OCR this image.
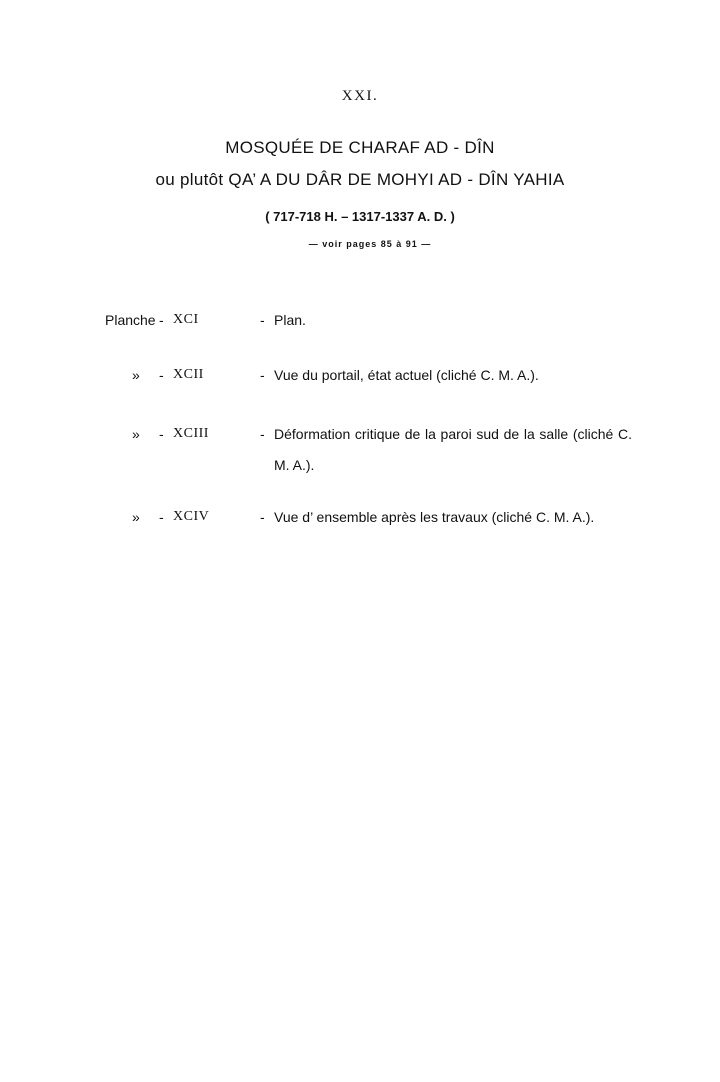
XXI.
MOSQUÉE DE CHARAF AD - DÎN
ou plutôt QA’ A DU DÂR DE MOHYI AD - DÎN YAHIA
( 717-718 H. – 1317-1337 A. D. )
— voir pages 85 à 91 —
Planche - XCI	- Plan.
» - XCII	- Vue du portail, état actuel (cliché C. M. A.).
» - XCIII	- Déformation critique de la paroi sud de la salle (cliché C. M. A.).
» - XCIV	- Vue d’ ensemble après les travaux (cliché C. M. A.).
